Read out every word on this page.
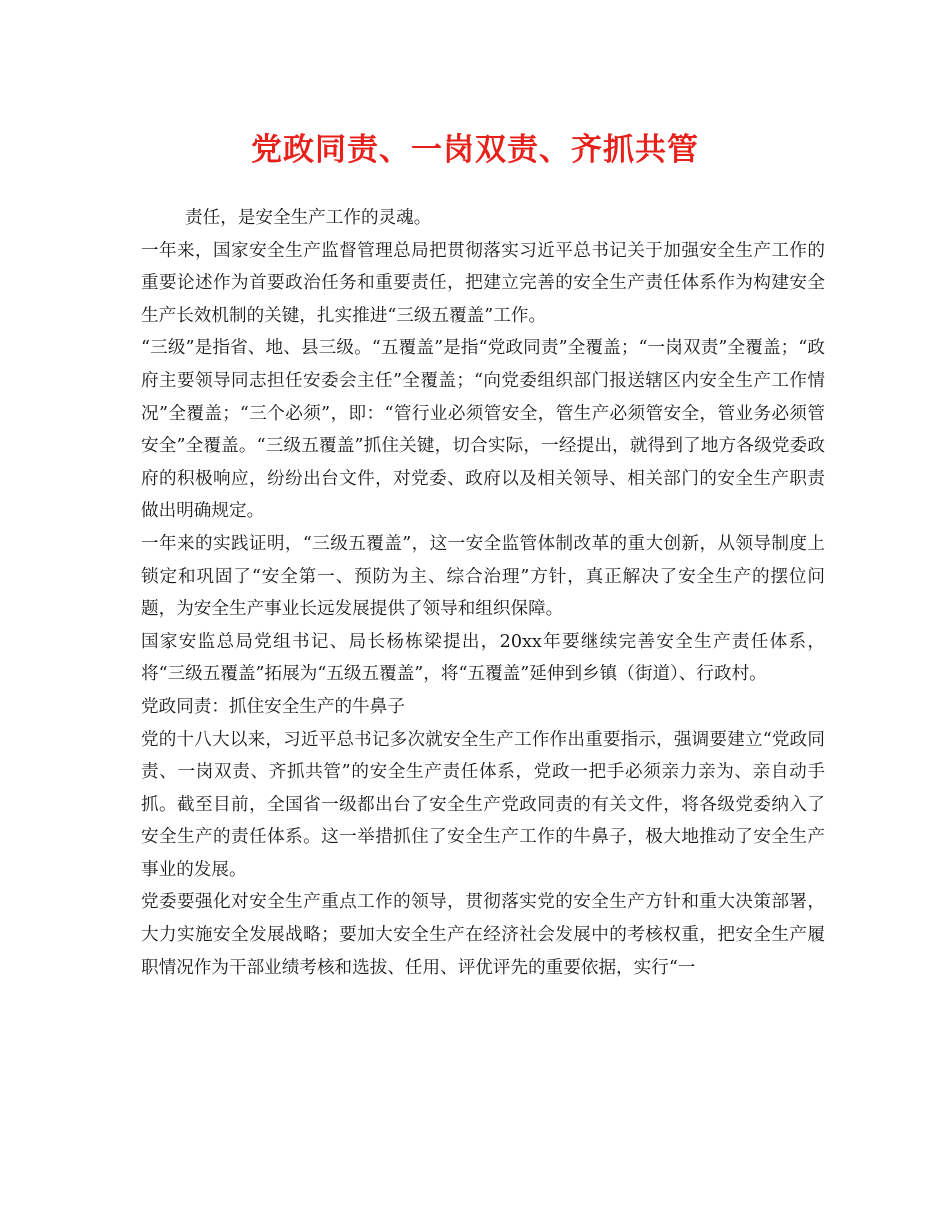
党政同责、一岗双责、齐抓共管

责任，是安全生产工作的灵魂。

一年来，国家安全生产监督管理总局把贯彻落实习近平总书记关于加强安全生产工作的重要论述作为首要政治任务和重要责任，把建立完善的安全生产责任体系作为构建安全生产长效机制的关键，扎实推进“三级五覆盖”工作。

“三级”是指省、地、县三级。“五覆盖”是指“党政同责”全覆盖；“一岗双责”全覆盖；“政府主要领导同志担任安委会主任”全覆盖；“向党委组织部门报送辖区内安全生产工作情况”全覆盖；“三个必须”，即：“管行业必须管安全，管生产必须管安全，管业务必须管安全”全覆盖。“三级五覆盖”抓住关键，切合实际，一经提出，就得到了地方各级党委政府的积极响应，纷纷出台文件，对党委、政府以及相关领导、相关部门的安全生产职责做出明确规定。

一年来的实践证明，“三级五覆盖”，这一安全监管体制改革的重大创新，从领导制度上锁定和巩固了“安全第一、预防为主、综合治理”方针，真正解决了安全生产的摆位问题，为安全生产事业长远发展提供了领导和组织保障。

国家安监总局党组书记、局长杨栋梁提出，20xx年要继续完善安全生产责任体系，将“三级五覆盖”拓展为“五级五覆盖”，将“五覆盖”延伸到乡镇（街道）、行政村。

党政同责：抓住安全生产的牛鼻子

党的十八大以来，习近平总书记多次就安全生产工作作出重要指示，强调要建立“党政同责、一岗双责、齐抓共管”的安全生产责任体系，党政一把手必须亲力亲为、亲自动手抓。截至目前，全国省一级都出台了安全生产党政同责的有关文件，将各级党委纳入了安全生产的责任体系。这一举措抓住了安全生产工作的牛鼻子，极大地推动了安全生产事业的发展。

党委要强化对安全生产重点工作的领导，贯彻落实党的安全生产方针和重大决策部署，大力实施安全发展战略；要加大安全生产在经济社会发展中的考核权重，把安全生产履职情况作为干部业绩考核和选拔、任用、评优评先的重要依据，实行“一
